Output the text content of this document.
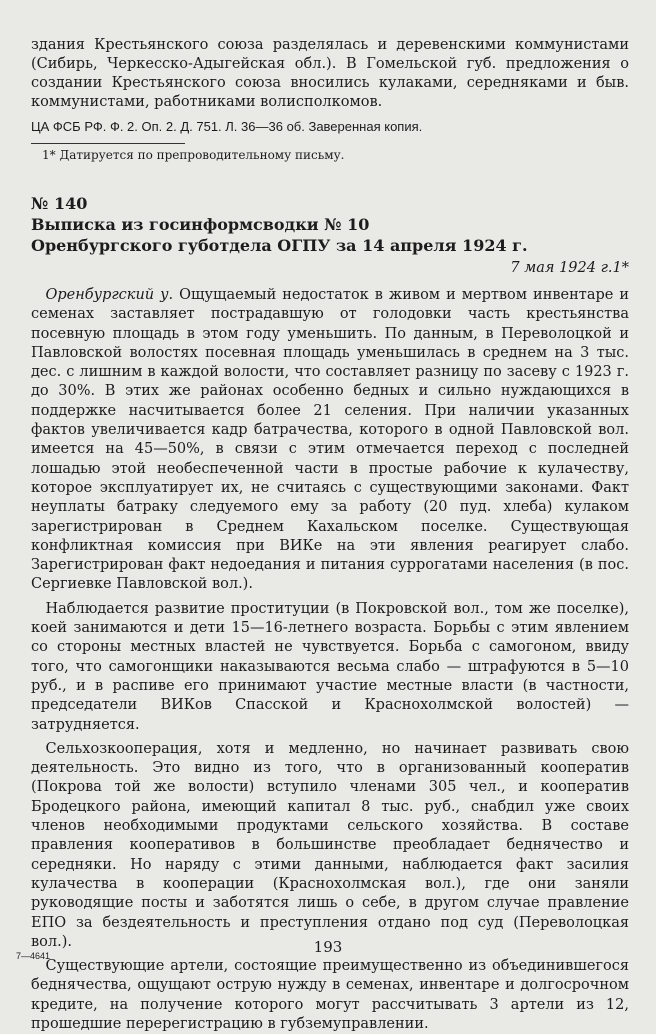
здания Крестьянского союза разделялась и деревенскими коммунистами (Сибирь, Черкесско-Адыгейская обл.). В Гомельской губ. предложения о создании Крестьянского союза вносились кулаками, середняками и быв. коммунистами, работниками волисполкомов.

ЦА ФСБ РФ. Ф. 2. Оп. 2. Д. 751. Л. 36—36 об. Заверенная копия.

1* Датируется по препроводительному письму.

№ 140

Выписка из госинформсводки № 10

Оренбургского губотдела ОГПУ за 14 апреля 1924 г.

7 мая 1924 г.1*

 Оренбургский у. Ощущаемый недостаток в живом и мертвом инвентаре и семенах заставляет пострадавшую от голодовки часть крестьянства посевную площадь в этом году уменьшить. По данным, в Переволоцкой и Павловской волостях посевная площадь уменьшилась в среднем на 3 тыс. дес. с лишним в каждой волости, что составляет разницу по засеву с 1923 г. до 30%. В этих же районах особенно бедных и сильно нуждающихся в поддержке насчитывается более 21 селения. При наличии указанных фактов увеличивается кадр батрачества, которого в одной Павловской вол. имеется на 45—50%, в связи с этим отмечается переход с последней лошадью этой необеспеченной части в простые рабочие к кулачеству, которое эксплуатирует их, не считаясь с существующими законами. Факт неуплаты батраку следуемого ему за работу (20 пуд. хлеба) кулаком зарегистрирован в Среднем Кахальском поселке. Существующая конфликтная комиссия при ВИКе на эти явления реагирует слабо. Зарегистрирован факт недоедания и питания суррогатами населения (в пос. Сергиевке Павловской вол.).

 Наблюдается развитие проституции (в Покровской вол., том же поселке), коей занимаются и дети 15—16-летнего возраста. Борьбы с этим явлением со стороны местных властей не чувствуется. Борьба с самогоном, ввиду того, что самогонщики наказываются весьма слабо — штрафуются в 5—10 руб., и в распиве его принимают участие местные власти (в частности, председатели ВИКов Спасской и Краснохолмской волостей) — затрудняется.

 Сельхозкооперация, хотя и медленно, но начинает развивать свою деятельность. Это видно из того, что в организованный кооператив (Покрова той же волости) вступило членами 305 чел., и кооператив Бродецкого района, имеющий капитал 8 тыс. руб., снабдил уже своих членов необходимыми продуктами сельского хозяйства. В составе правления кооперативов в большинстве преобладает беднячество и середняки. Но наряду с этими данными, наблюдается факт засилия кулачества в кооперации (Краснохолмская вол.), где они заняли руководящие посты и заботятся лишь о себе, в другом случае правление ЕПО за бездеятельность и преступления отдано под суд (Переволоцкая вол.).

 Существующие артели, состоящие преимущественно из объединившегося беднячества, ощущают острую нужду в семенах, инвентаре и долгосрочном кредите, на получение которого могут рассчитывать 3 артели из 12, прошедшие перерегистрацию в губземуправлении.

193
7—4641
